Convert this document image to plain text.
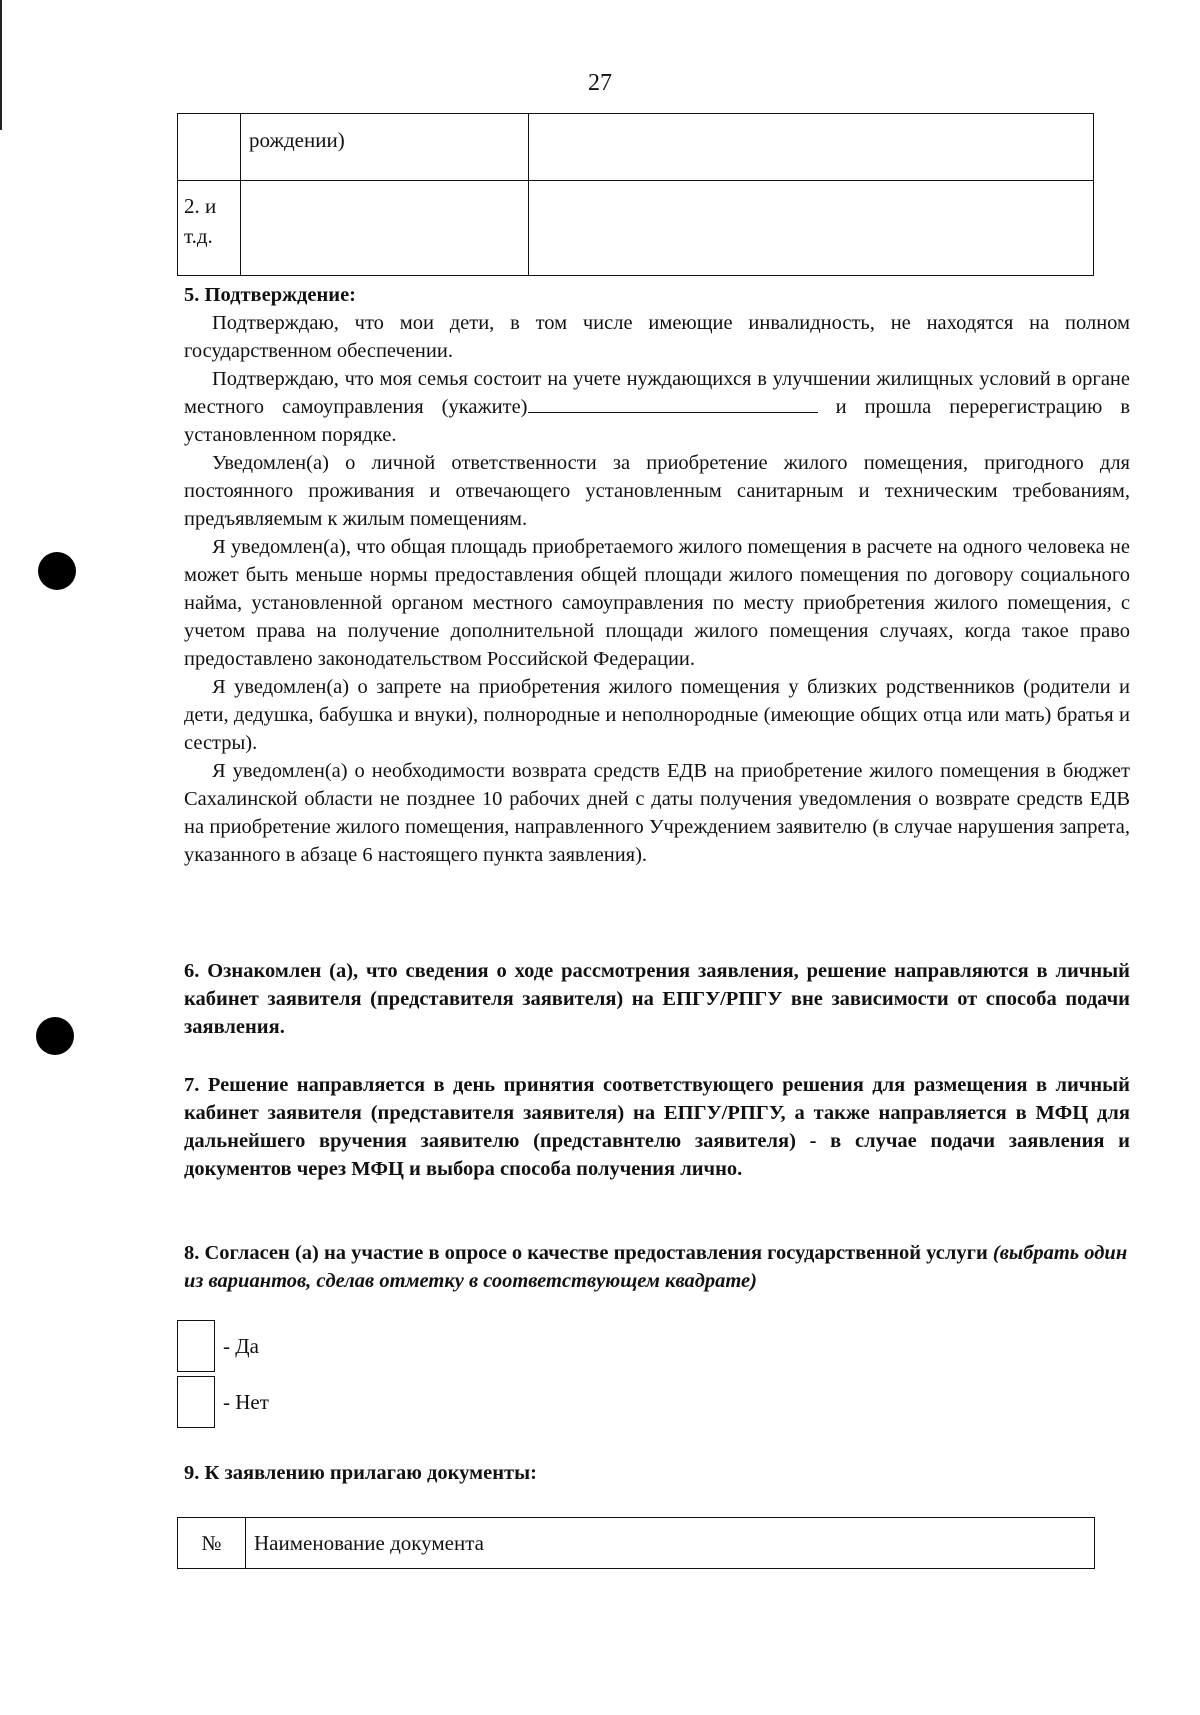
27
	рождении)	
2. и т.д.		

5. Подтверждение:

Подтверждаю, что мои дети, в том числе имеющие инвалидность, не находятся на полном государственном обеспечении.

Подтверждаю, что моя семья состоит на учете нуждающихся в улучшении жилищных условий в органе местного самоуправления (укажите)	и прошла перерегистрацию в установленном порядке.

Уведомлен(а) о личной ответственности за приобретение жилого помещения, пригодного для постоянного проживания и отвечающего установленным санитарным и техническим требованиям, предъявляемым к жилым помещениям.

Я уведомлен(а), что общая площадь приобретаемого жилого помещения в расчете на одного человека не может быть меньше нормы предоставления общей площади жилого помещения по договору социального найма, установленной органом местного самоуправления по месту приобретения жилого помещения, с учетом права на получение дополнительной площади жилого помещения случаях, когда такое право предоставлено законодательством Российской Федерации.

Я уведомлен(а) о запрете на приобретения жилого помещения у близких родственников (родители и дети, дедушка, бабушка и внуки), полнородные и неполнородные (имеющие общих отца или мать) братья и сестры).

Я уведомлен(а) о необходимости возврата средств ЕДВ на приобретение жилого помещения в бюджет Сахалинской области не позднее 10 рабочих дней с даты получения уведомления о возврате средств ЕДВ на приобретение жилого помещения, направленного Учреждением заявителю (в случае нарушения запрета, указанного в абзаце 6 настоящего пункта заявления).

6. Ознакомлен (а), что сведения о ходе рассмотрения заявления, решение направляются в личный кабинет заявителя (представителя заявителя) на ЕПГУ/РПГУ вне зависимости от способа подачи заявления.

7. Решение направляется в день принятия соответствующего решения для размещения в личный кабинет заявителя (представителя заявителя) на ЕПГУ/РПГУ, а также направляется в МФЦ для дальнейшего вручения заявителю (представнтелю заявителя) - в случае подачи заявления и документов через МФЦ и выбора способа получения лично.

8. Согласен (а) на участие в опросе о качестве предоставления государственной услуги (выбрать один из вариантов, сделав отметку в соответствующем квадрате)

- Да
- Нет

9. К заявлению прилагаю документы:

№	Наименование документа
